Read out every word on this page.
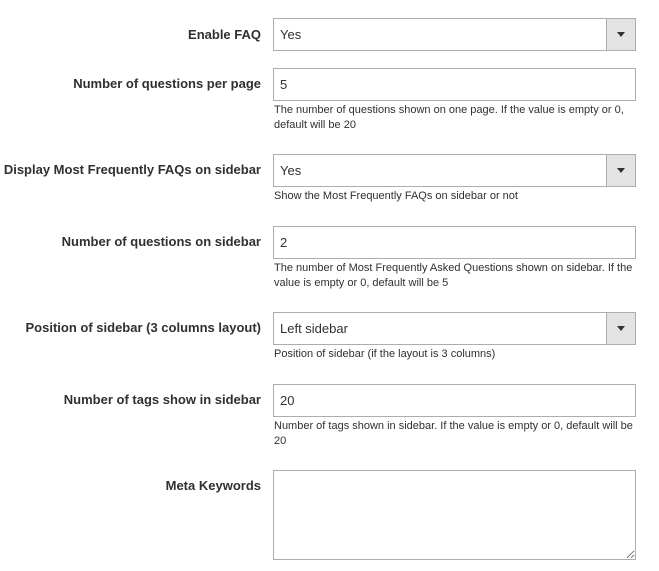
Enable FAQ Yes
Number of questions per page 5
The number of questions shown on one page. If the value is empty or 0, default will be 20
Display Most Frequently FAQs on sidebar Yes
Show the Most Frequently FAQs on sidebar or not
Number of questions on sidebar 2
The number of Most Frequently Asked Questions shown on sidebar. If the value is empty or 0, default will be 5
Position of sidebar (3 columns layout) Left sidebar
Position of sidebar (if the layout is 3 columns)
Number of tags show in sidebar 20
Number of tags shown in sidebar. If the value is empty or 0, default will be 20
Meta Keywords
